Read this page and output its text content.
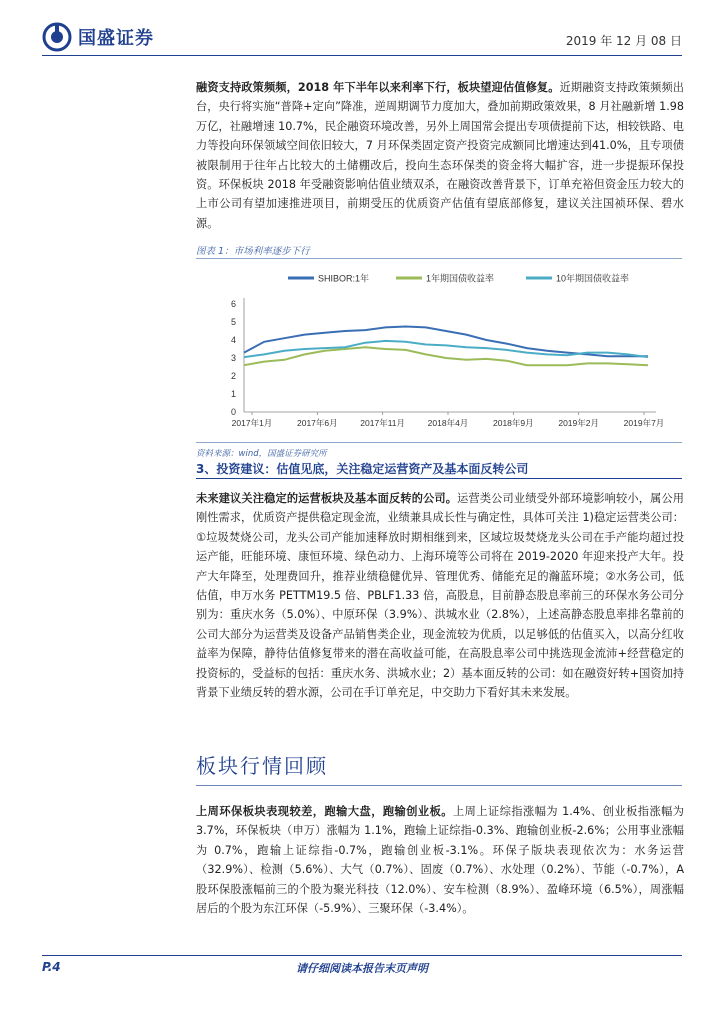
国盛证券	2019 年 12 月 08 日
融资支持政策频频，2018 年下半年以来利率下行，板块望迎估值修复。近期融资支持政策频频出台，央行将实施“普降+定向”降准，逆周期调节力度加大，叠加前期政策效果，8 月社融新增 1.98 万亿，社融增速 10.7%，民企融资环境改善，另外上周国常会提出专项债提前下达，相较铁路、电力等投向环保领域空间依旧较大，7 月环保类固定资产投资完成额同比增速达到41.0%，且专项债被限制用于往年占比较大的土储棚改后，投向生态环保类的资金将大幅扩容，进一步提振环保投资。环保板块 2018 年受融资影响估值业绩双杀，在融资改善背景下，订单充裕但资金压力较大的上市公司有望加速推进项目，前期受压的优质资产估值有望底部修复，建议关注国祯环保、碧水源。
图表 1：市场利率逐步下行
0
1
2
3
4
5
6
2017年1月	2017年6月	2017年11月	2018年4月	2018年9月	2019年2月	2019年7月
SHIBOR:1年	1年期国债收益率	10年期国债收益率
资料来源：wind，国盛证券研究所
3、投资建议：估值见底，关注稳定运营资产及基本面反转公司
未来建议关注稳定的运营板块及基本面反转的公司。运营类公司业绩受外部环境影响较小，属公用刚性需求，优质资产提供稳定现金流，业绩兼具成长性与确定性，具体可关注 1)稳定运营类公司：①垃圾焚烧公司，龙头公司产能加速释放时期相继到来，区域垃圾焚烧龙头公司在手产能均超过投运产能，旺能环境、康恒环境、绿色动力、上海环境等公司将在 2019-2020 年迎来投产大年。投产大年降至，处理费回升，推荐业绩稳健优异、管理优秀、储能充足的瀚蓝环境；②水务公司，低估值，申万水务 PETTM19.5 倍、PBLF1.33 倍，高股息，目前静态股息率前三的环保水务公司分别为：重庆水务（5.0%）、中原环保（3.9%）、洪城水业（2.8%），上述高静态股息率排名靠前的公司大部分为运营类及设备产品销售类企业，现金流较为优质，以足够低的估值买入，以高分红收益率为保障，静待估值修复带来的潜在高收益可能，在高股息率公司中挑选现金流沛+经营稳定的投资标的，受益标的包括：重庆水务、洪城水业；2）基本面反转的公司：如在融资好转+国资加持背景下业绩反转的碧水源，公司在手订单充足，中交助力下看好其未来发展。
板块行情回顾
上周环保板块表现较差，跑输大盘，跑输创业板。上周上证综指涨幅为 1.4%、创业板指涨幅为 3.7%，环保板块（申万）涨幅为 1.1%，跑输上证综指-0.3%、跑输创业板-2.6%；公用事业涨幅为 0.7%，跑输上证综指-0.7%，跑输创业板-3.1%。环保子版块表现依次为：水务运营（32.9%）、检测（5.6%）、大气（0.7%）、固废（0.7%）、水处理（0.2%）、节能（-0.7%），A 股环保股涨幅前三的个股为聚光科技（12.0%）、安车检测（8.9%）、盈峰环境（6.5%），周涨幅居后的个股为东江环保（-5.9%）、三聚环保（-3.4%）。
请仔细阅读本报告末页声明
P.4
